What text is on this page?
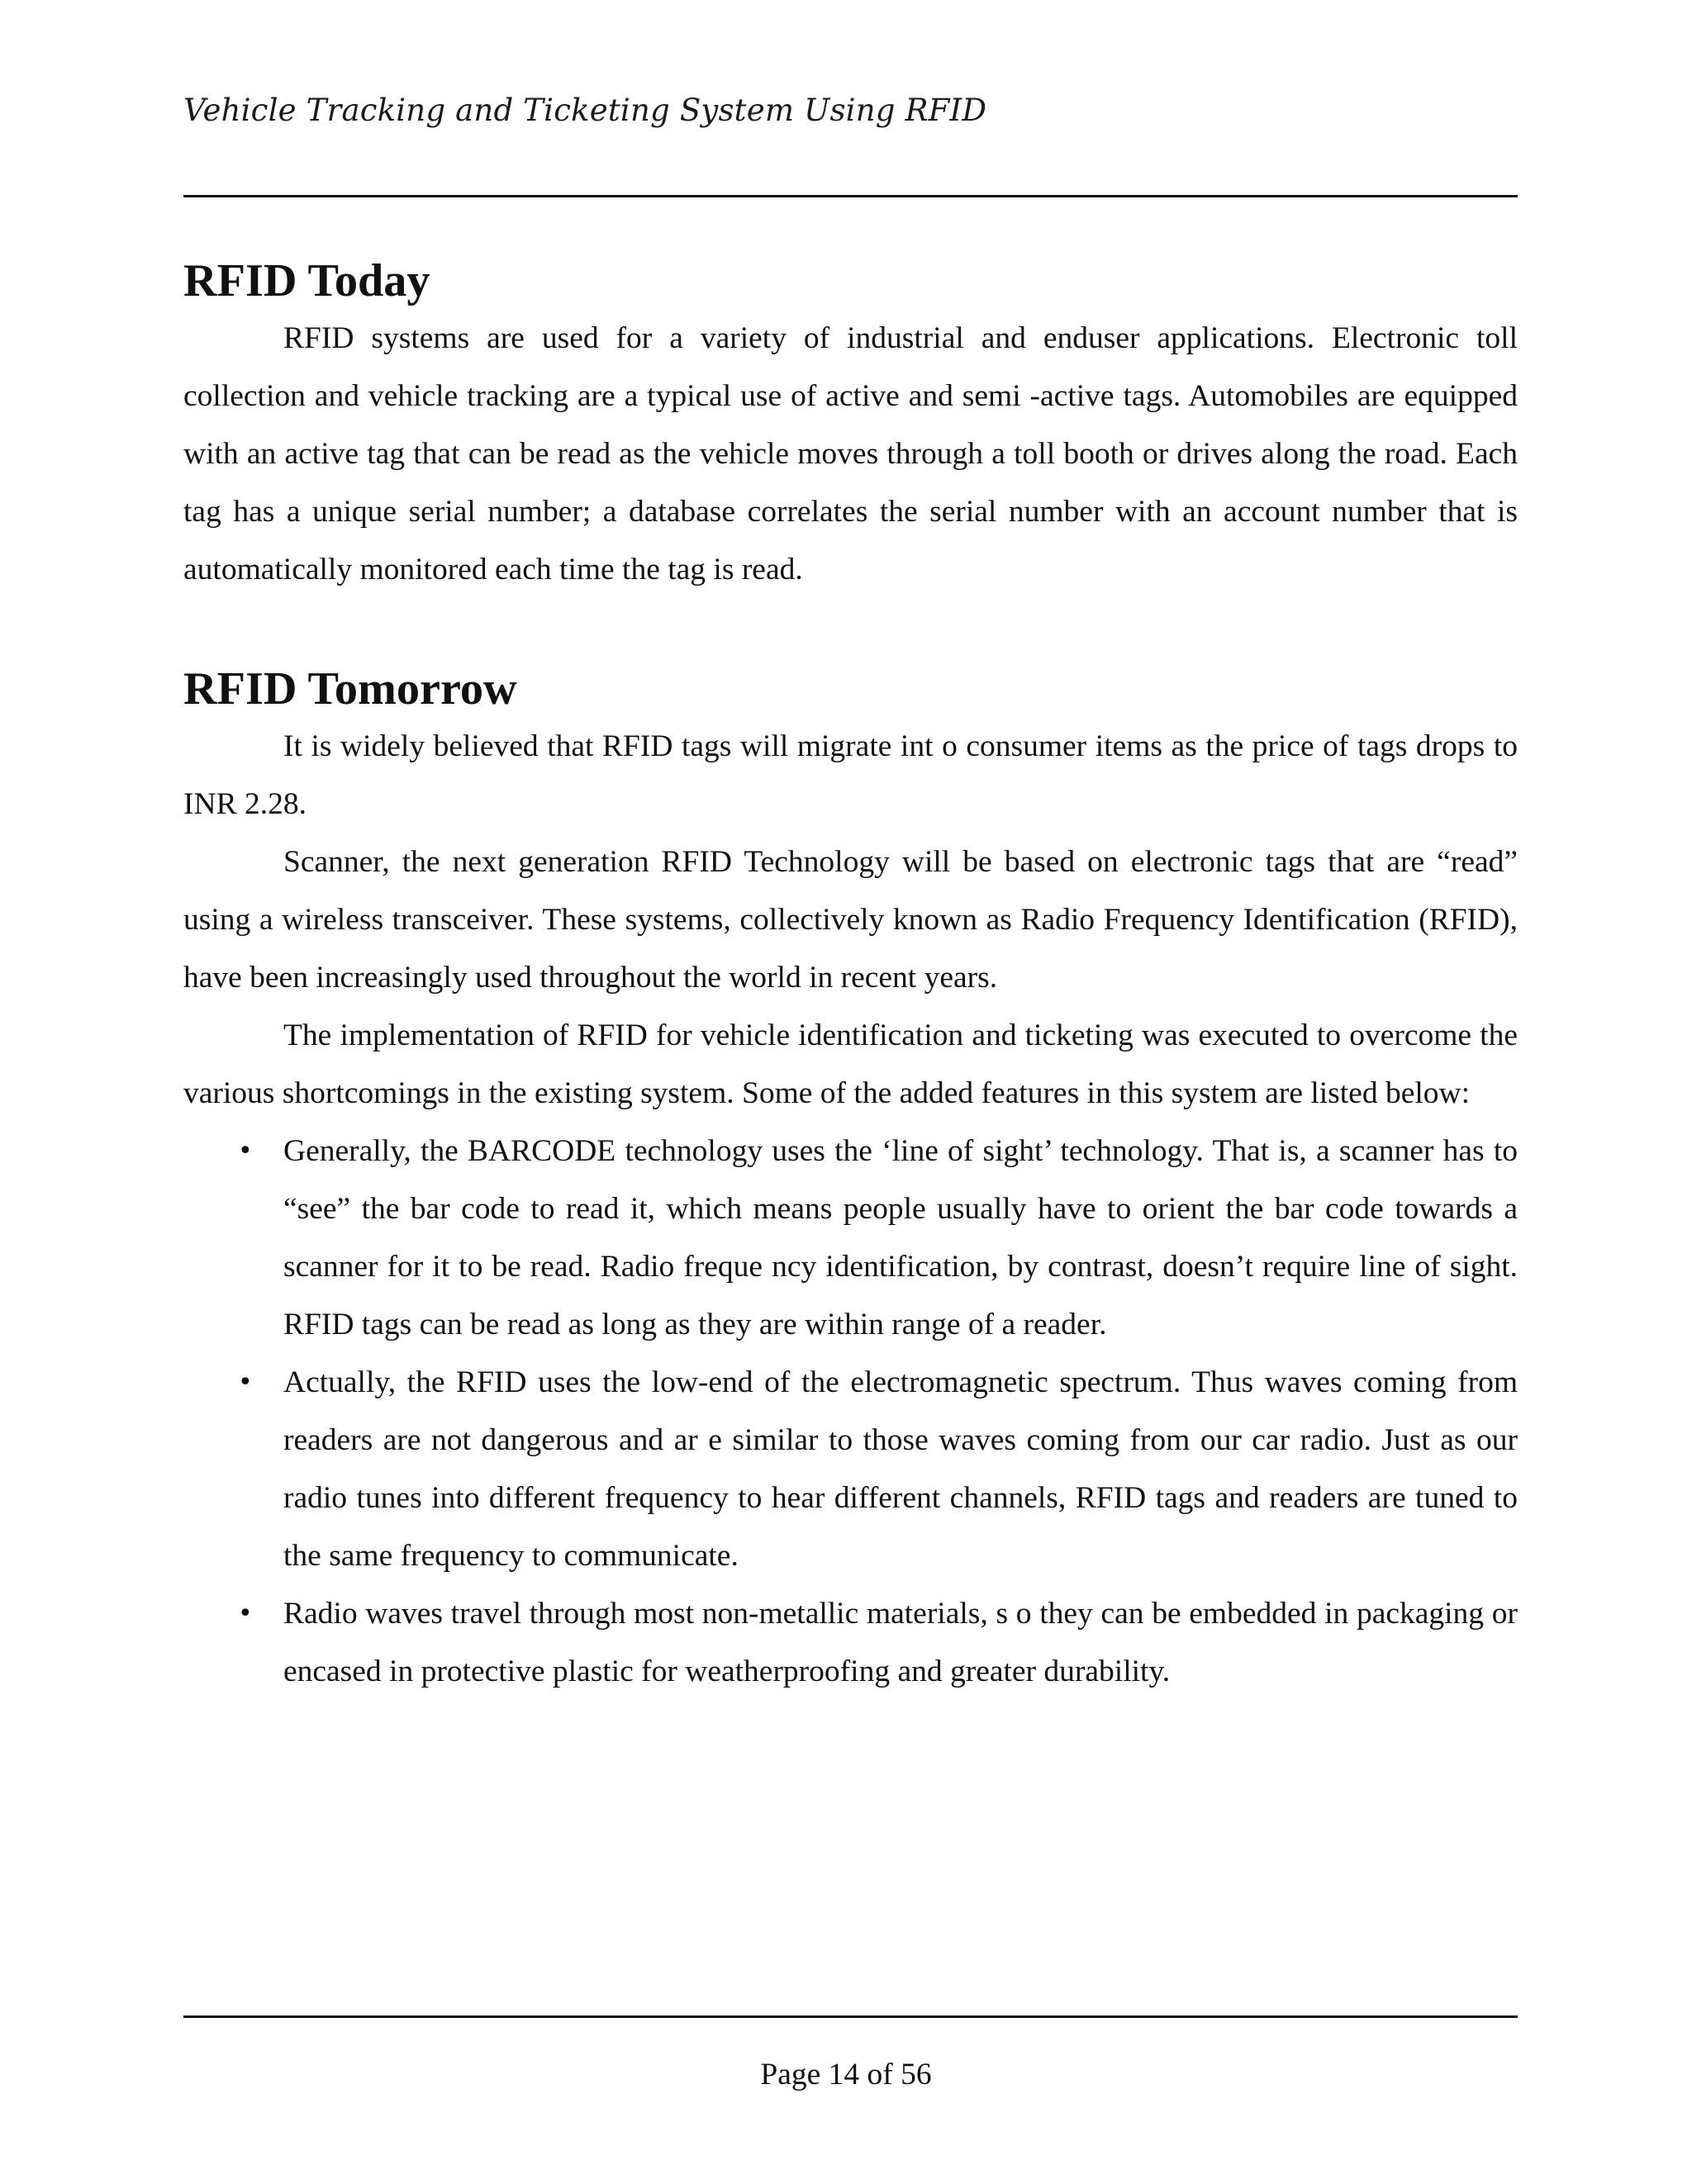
Vehicle Tracking and Ticketing System Using RFID
RFID Today

RFID systems are used for a variety of industrial and enduser applications. Electronic toll collection and vehicle tracking are a typical use of active and semi -active tags. Automobiles are equipped with an active tag that can be read as the vehicle moves through a toll booth or drives along the road. Each tag has a unique serial number; a database correlates the serial number with an account number that is automatically monitored each time the tag is read.

RFID Tomorrow

It is widely believed that RFID tags will migrate int o consumer items as the price of tags drops to INR 2.28.

Scanner, the next generation RFID Technology will be based on electronic tags that are “read” using a wireless transceiver. These systems, collectively known as Radio Frequency Identification (RFID), have been increasingly used throughout the world in recent years.

The implementation of RFID for vehicle identification and ticketing was executed to overcome the various shortcomings in the existing system. Some of the added features in this system are listed below:

• Generally, the BARCODE technology uses the ‘line of sight’ technology. That is, a scanner has to “see” the bar code to read it, which means people usually have to orient the bar code towards a scanner for it to be read. Radio freque ncy identification, by contrast, doesn’t require line of sight. RFID tags can be read as long as they are within range of a reader.
• Actually, the RFID uses the low-end of the electromagnetic spectrum. Thus waves coming from readers are not dangerous and ar e similar to those waves coming from our car radio. Just as our radio tunes into different frequency to hear different channels, RFID tags and readers are tuned to the same frequency to communicate.
• Radio waves travel through most non-metallic materials, s o they can be embedded in packaging or encased in protective plastic for weatherproofing and greater durability.
Page 14 of 56
